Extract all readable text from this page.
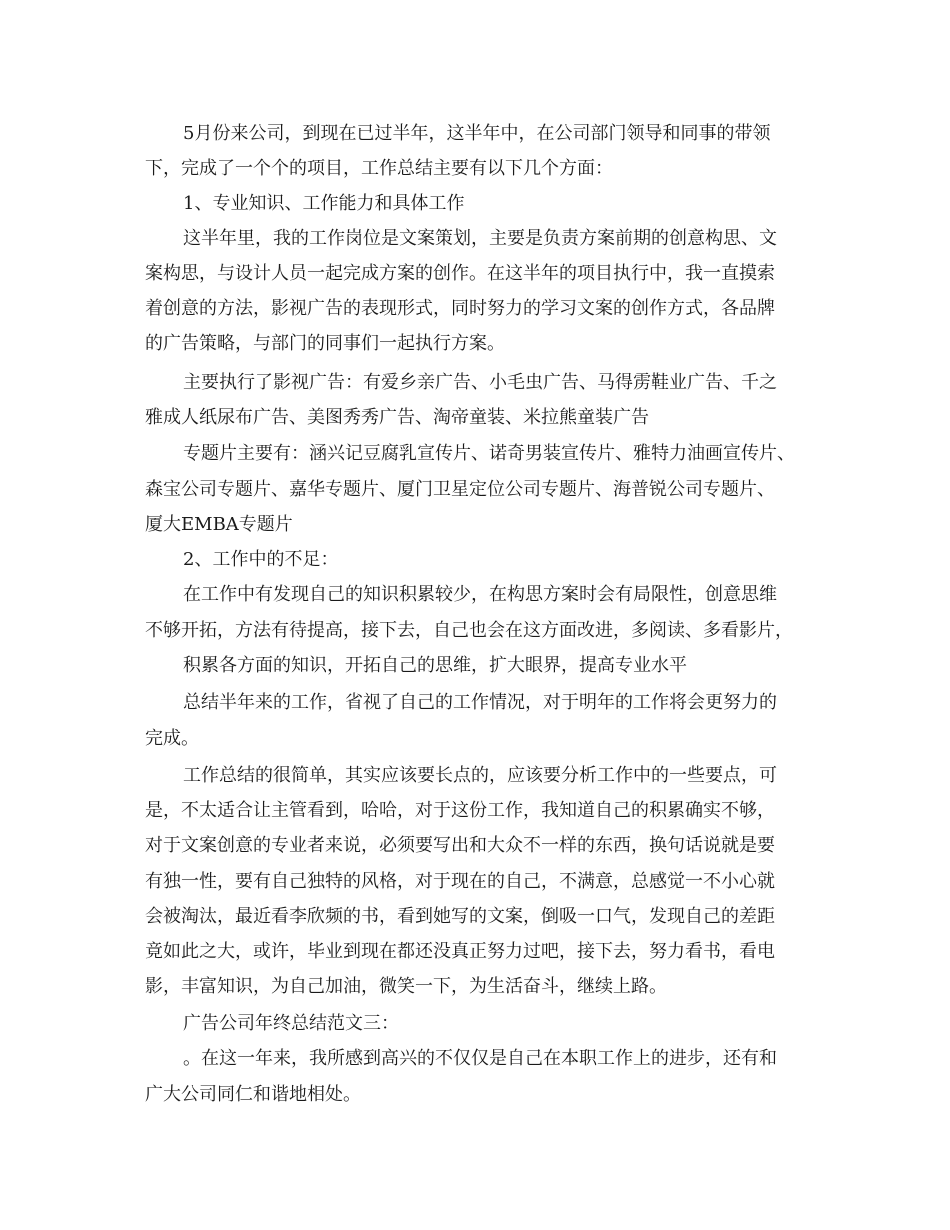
5月份来公司，到现在已过半年，这半年中，在公司部门领导和同事的带领
下，完成了一个个的项目，工作总结主要有以下几个方面：
1、专业知识、工作能力和具体工作
这半年里，我的工作岗位是文案策划，主要是负责方案前期的创意构思、文
案构思，与设计人员一起完成方案的创作。在这半年的项目执行中，我一直摸索
着创意的方法，影视广告的表现形式，同时努力的学习文案的创作方式，各品牌
的广告策略，与部门的同事们一起执行方案。
主要执行了影视广告：有爱乡亲广告、小毛虫广告、马得雳鞋业广告、千之
雅成人纸尿布广告、美图秀秀广告、淘帝童装、米拉熊童装广告
专题片主要有：涵兴记豆腐乳宣传片、诺奇男装宣传片、雅特力油画宣传片、
森宝公司专题片、嘉华专题片、厦门卫星定位公司专题片、海普锐公司专题片、
厦大EMBA专题片
2、工作中的不足：
在工作中有发现自己的知识积累较少，在构思方案时会有局限性，创意思维
不够开拓，方法有待提高，接下去，自己也会在这方面改进，多阅读、多看影片，
积累各方面的知识，开拓自己的思维，扩大眼界，提高专业水平
总结半年来的工作，省视了自己的工作情况，对于明年的工作将会更努力的
完成。
工作总结的很简单，其实应该要长点的，应该要分析工作中的一些要点，可
是，不太适合让主管看到，哈哈，对于这份工作，我知道自己的积累确实不够，
对于文案创意的专业者来说，必须要写出和大众不一样的东西，换句话说就是要
有独一性，要有自己独特的风格，对于现在的自己，不满意，总感觉一不小心就
会被淘汰，最近看李欣频的书，看到她写的文案，倒吸一口气，发现自己的差距
竟如此之大，或许，毕业到现在都还没真正努力过吧，接下去，努力看书，看电
影，丰富知识，为自己加油，微笑一下，为生活奋斗，继续上路。
广告公司年终总结范文三：
。在这一年来，我所感到高兴的不仅仅是自己在本职工作上的进步，还有和
广大公司同仁和谐地相处。
